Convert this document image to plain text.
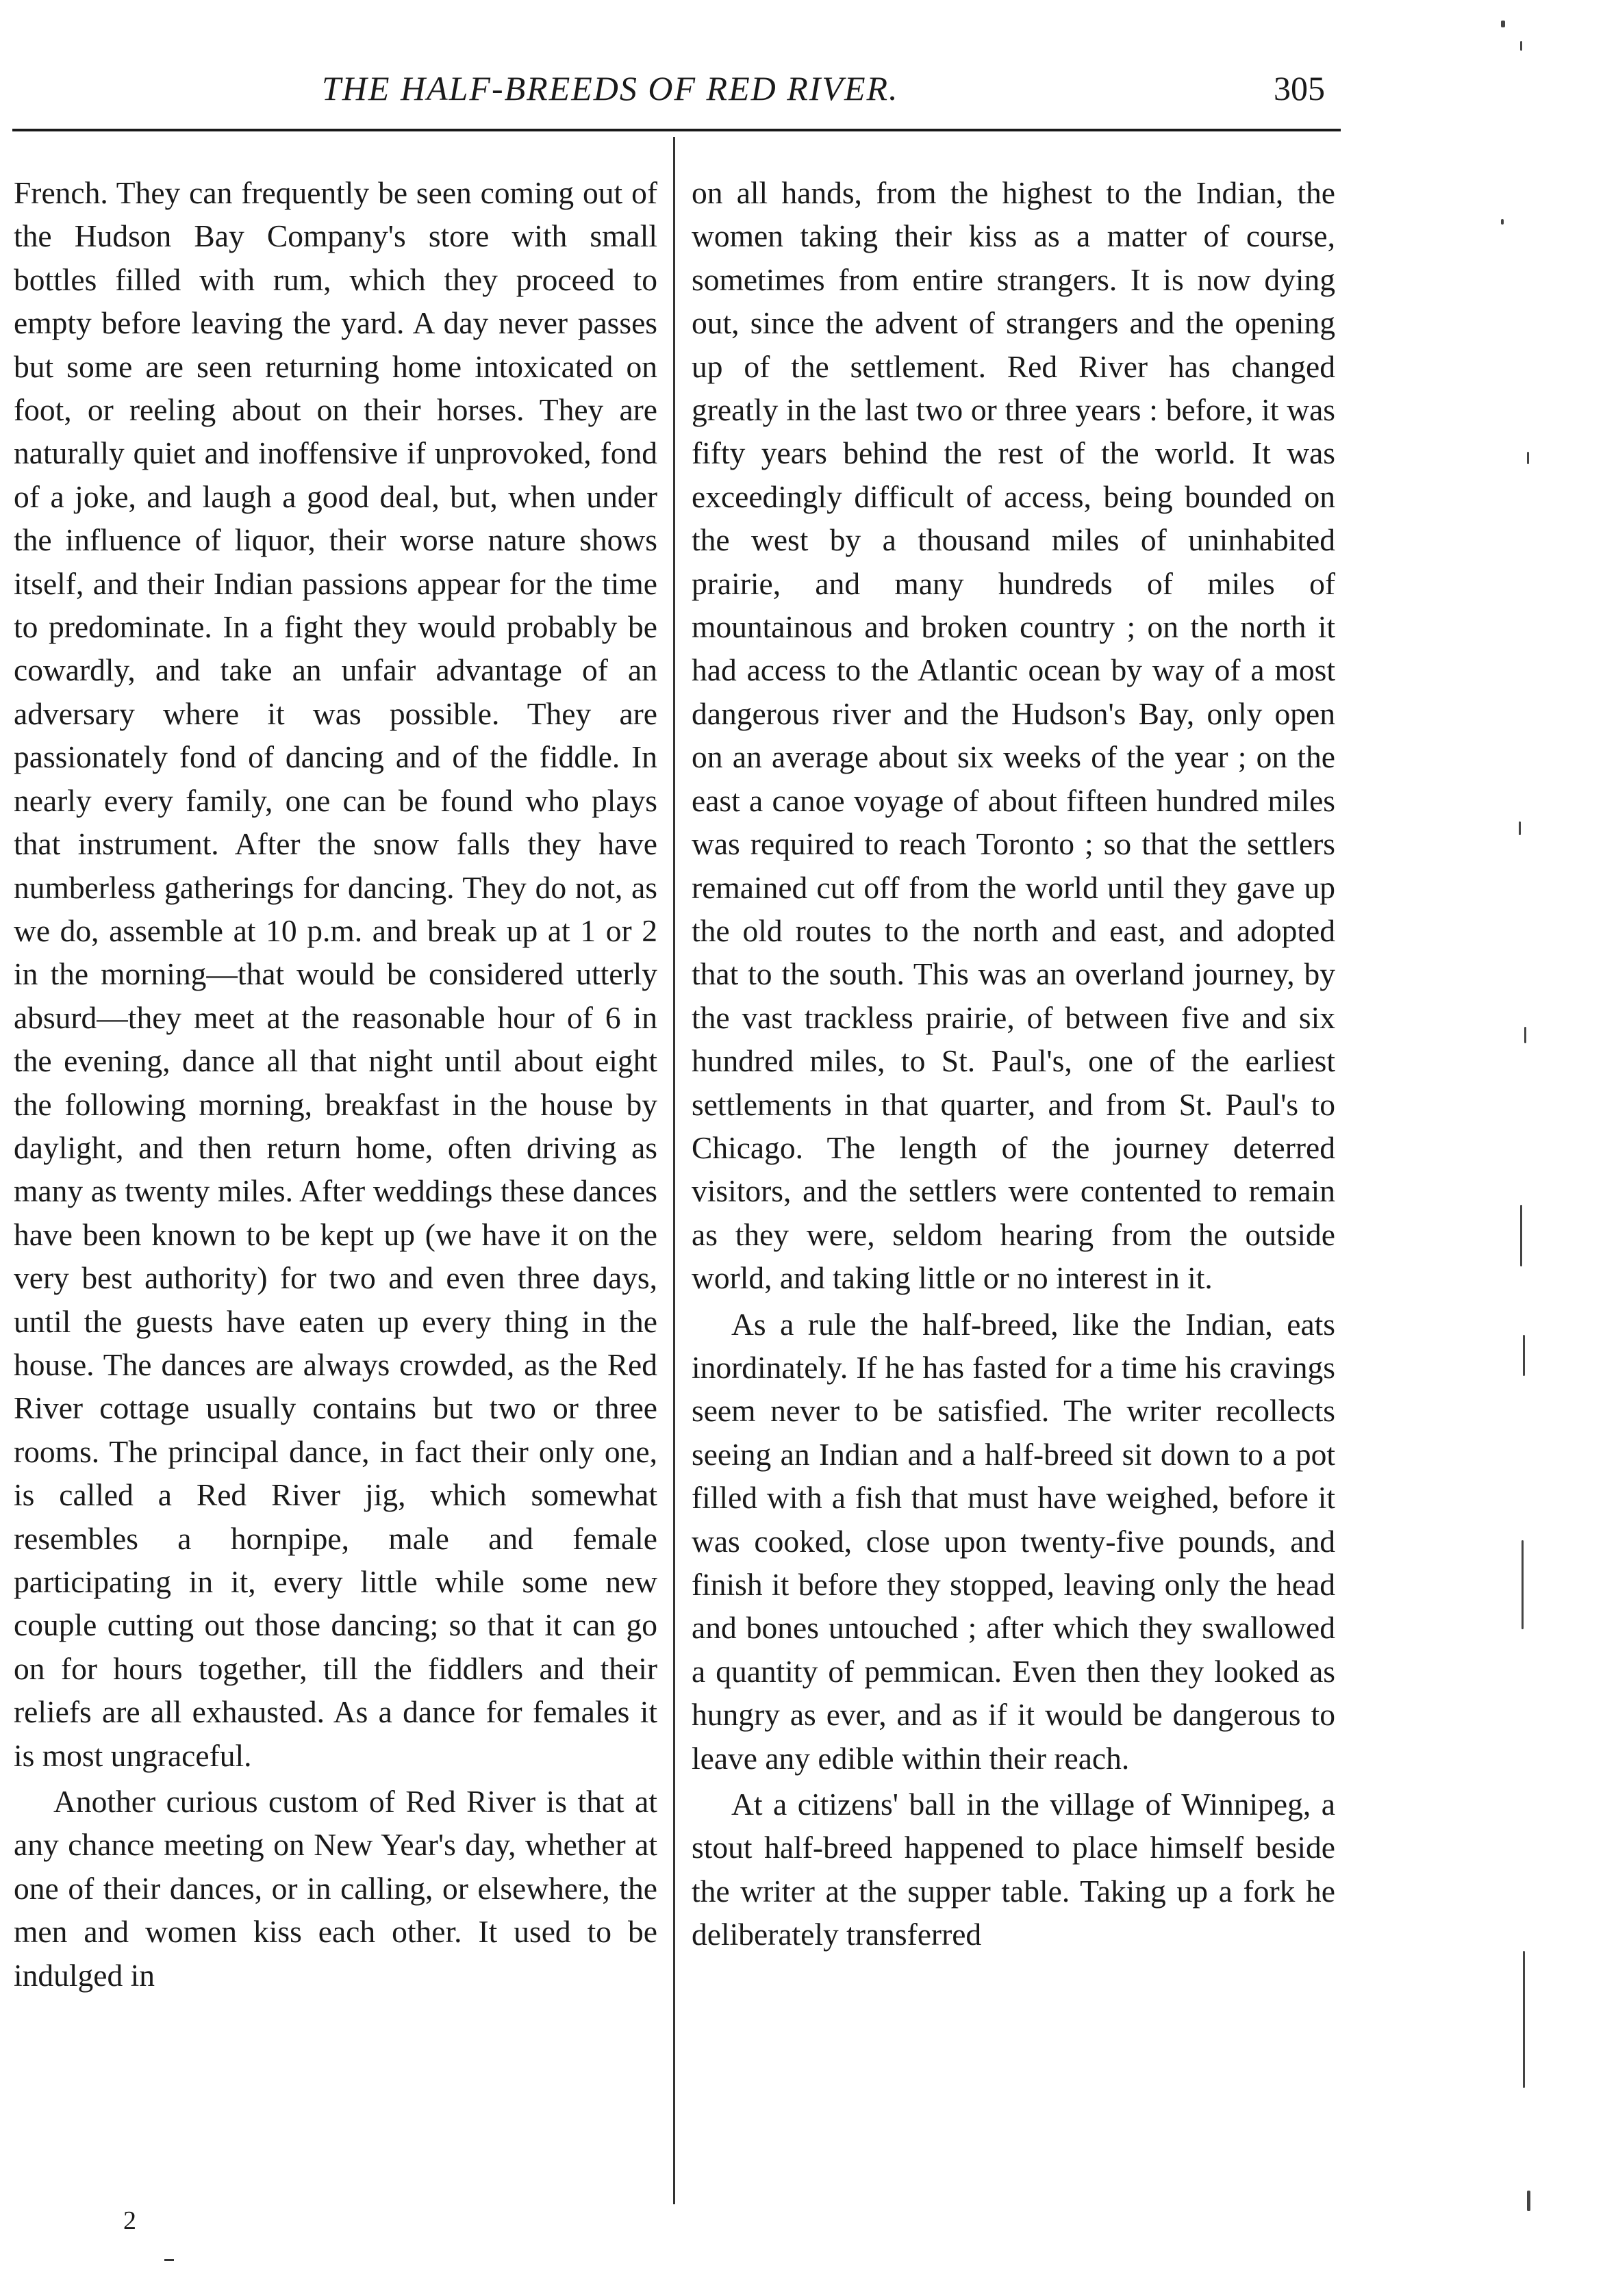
THE HALF-BREEDS OF RED RIVER.	305

French. They can frequently be seen coming out of the Hudson Bay Company's store with small bottles filled with rum, which they proceed to empty before leaving the yard. A day never passes but some are seen returning home intoxicated on foot, or reeling about on their horses. They are naturally quiet and inoffensive if unprovoked, fond of a joke, and laugh a good deal, but, when under the influence of liquor, their worse nature shows itself, and their Indian passions appear for the time to predominate. In a fight they would probably be cowardly, and take an unfair advantage of an adversary where it was possible. They are passionately fond of dancing and of the fiddle. In nearly every family, one can be found who plays that instrument. After the snow falls they have numberless gatherings for dancing. They do not, as we do, assemble at 10 p.m. and break up at 1 or 2 in the morning—that would be considered utterly absurd—they meet at the reasonable hour of 6 in the evening, dance all that night until about eight the following morning, breakfast in the house by daylight, and then return home, often driving as many as twenty miles. After weddings these dances have been known to be kept up (we have it on the very best authority) for two and even three days, until the guests have eaten up every thing in the house. The dances are always crowded, as the Red River cottage usually contains but two or three rooms. The principal dance, in fact their only one, is called a Red River jig, which somewhat resembles a hornpipe, male and female participating in it, every little while some new couple cutting out those dancing; so that it can go on for hours together, till the fiddlers and their reliefs are all exhausted. As a dance for females it is most ungraceful.

Another curious custom of Red River is that at any chance meeting on New Year's day, whether at one of their dances, or in calling, or elsewhere, the men and women kiss each other. It used to be indulged in

on all hands, from the highest to the Indian, the women taking their kiss as a matter of course, sometimes from entire strangers. It is now dying out, since the advent of strangers and the opening up of the settlement. Red River has changed greatly in the last two or three years : before, it was fifty years behind the rest of the world. It was exceedingly difficult of access, being bounded on the west by a thousand miles of uninhabited prairie, and many hundreds of miles of mountainous and broken country ; on the north it had access to the Atlantic ocean by way of a most dangerous river and the Hudson's Bay, only open on an average about six weeks of the year ; on the east a canoe voyage of about fifteen hundred miles was required to reach Toronto ; so that the settlers remained cut off from the world until they gave up the old routes to the north and east, and adopted that to the south. This was an overland journey, by the vast trackless prairie, of between five and six hundred miles, to St. Paul's, one of the earliest settlements in that quarter, and from St. Paul's to Chicago. The length of the journey deterred visitors, and the settlers were contented to remain as they were, seldom hearing from the outside world, and taking little or no interest in it.

As a rule the half-breed, like the Indian, eats inordinately. If he has fasted for a time his cravings seem never to be satisfied. The writer recollects seeing an Indian and a half-breed sit down to a pot filled with a fish that must have weighed, before it was cooked, close upon twenty-five pounds, and finish it before they stopped, leaving only the head and bones untouched ; after which they swallowed a quantity of pemmican. Even then they looked as hungry as ever, and as if it would be dangerous to leave any edible within their reach.

At a citizens' ball in the village of Winnipeg, a stout half-breed happened to place himself beside the writer at the supper table. Taking up a fork he deliberately transferred

2
